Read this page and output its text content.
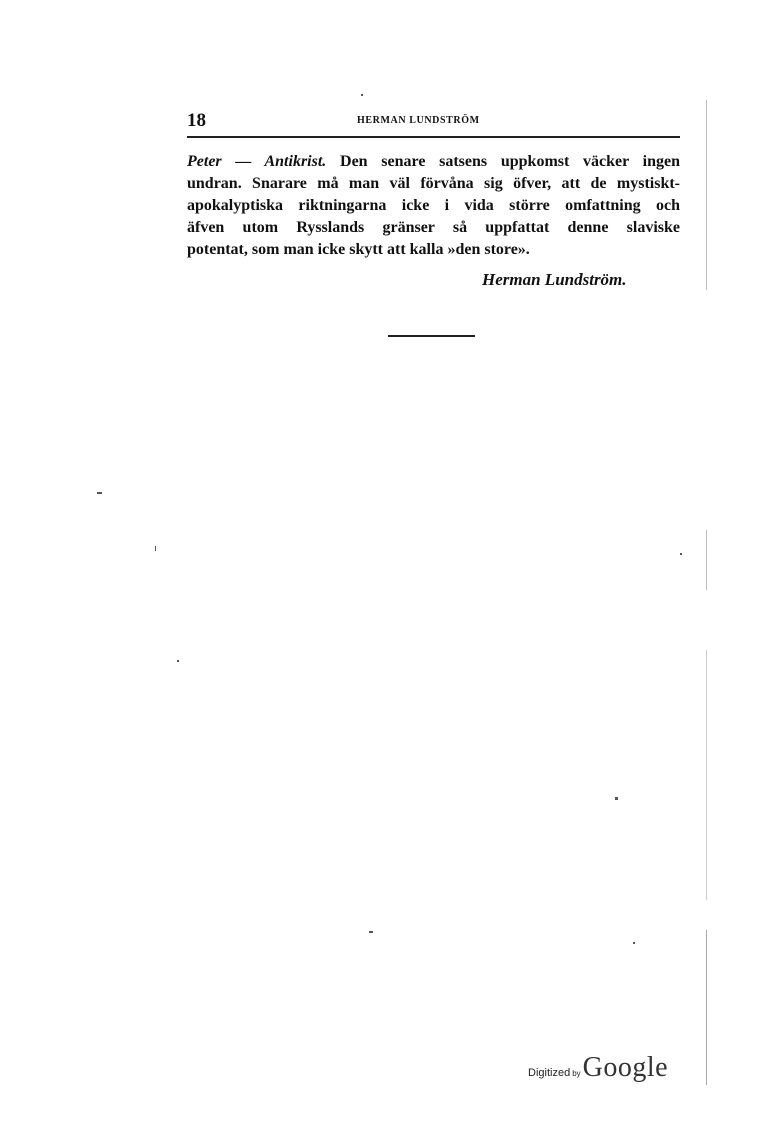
18	HERMAN LUNDSTRÖM
Peter — Antikrist. Den senare satsens uppkomst väcker ingen
undran. Snarare må man väl förvåna sig öfver, att de mystiskt-
apokalyptiska riktningarna icke i vida större omfattning och
äfven utom Rysslands gränser så uppfattat denne slaviske
potentat, som man icke skytt att kalla »den store».
Herman Lundström.
Digitized by Google
